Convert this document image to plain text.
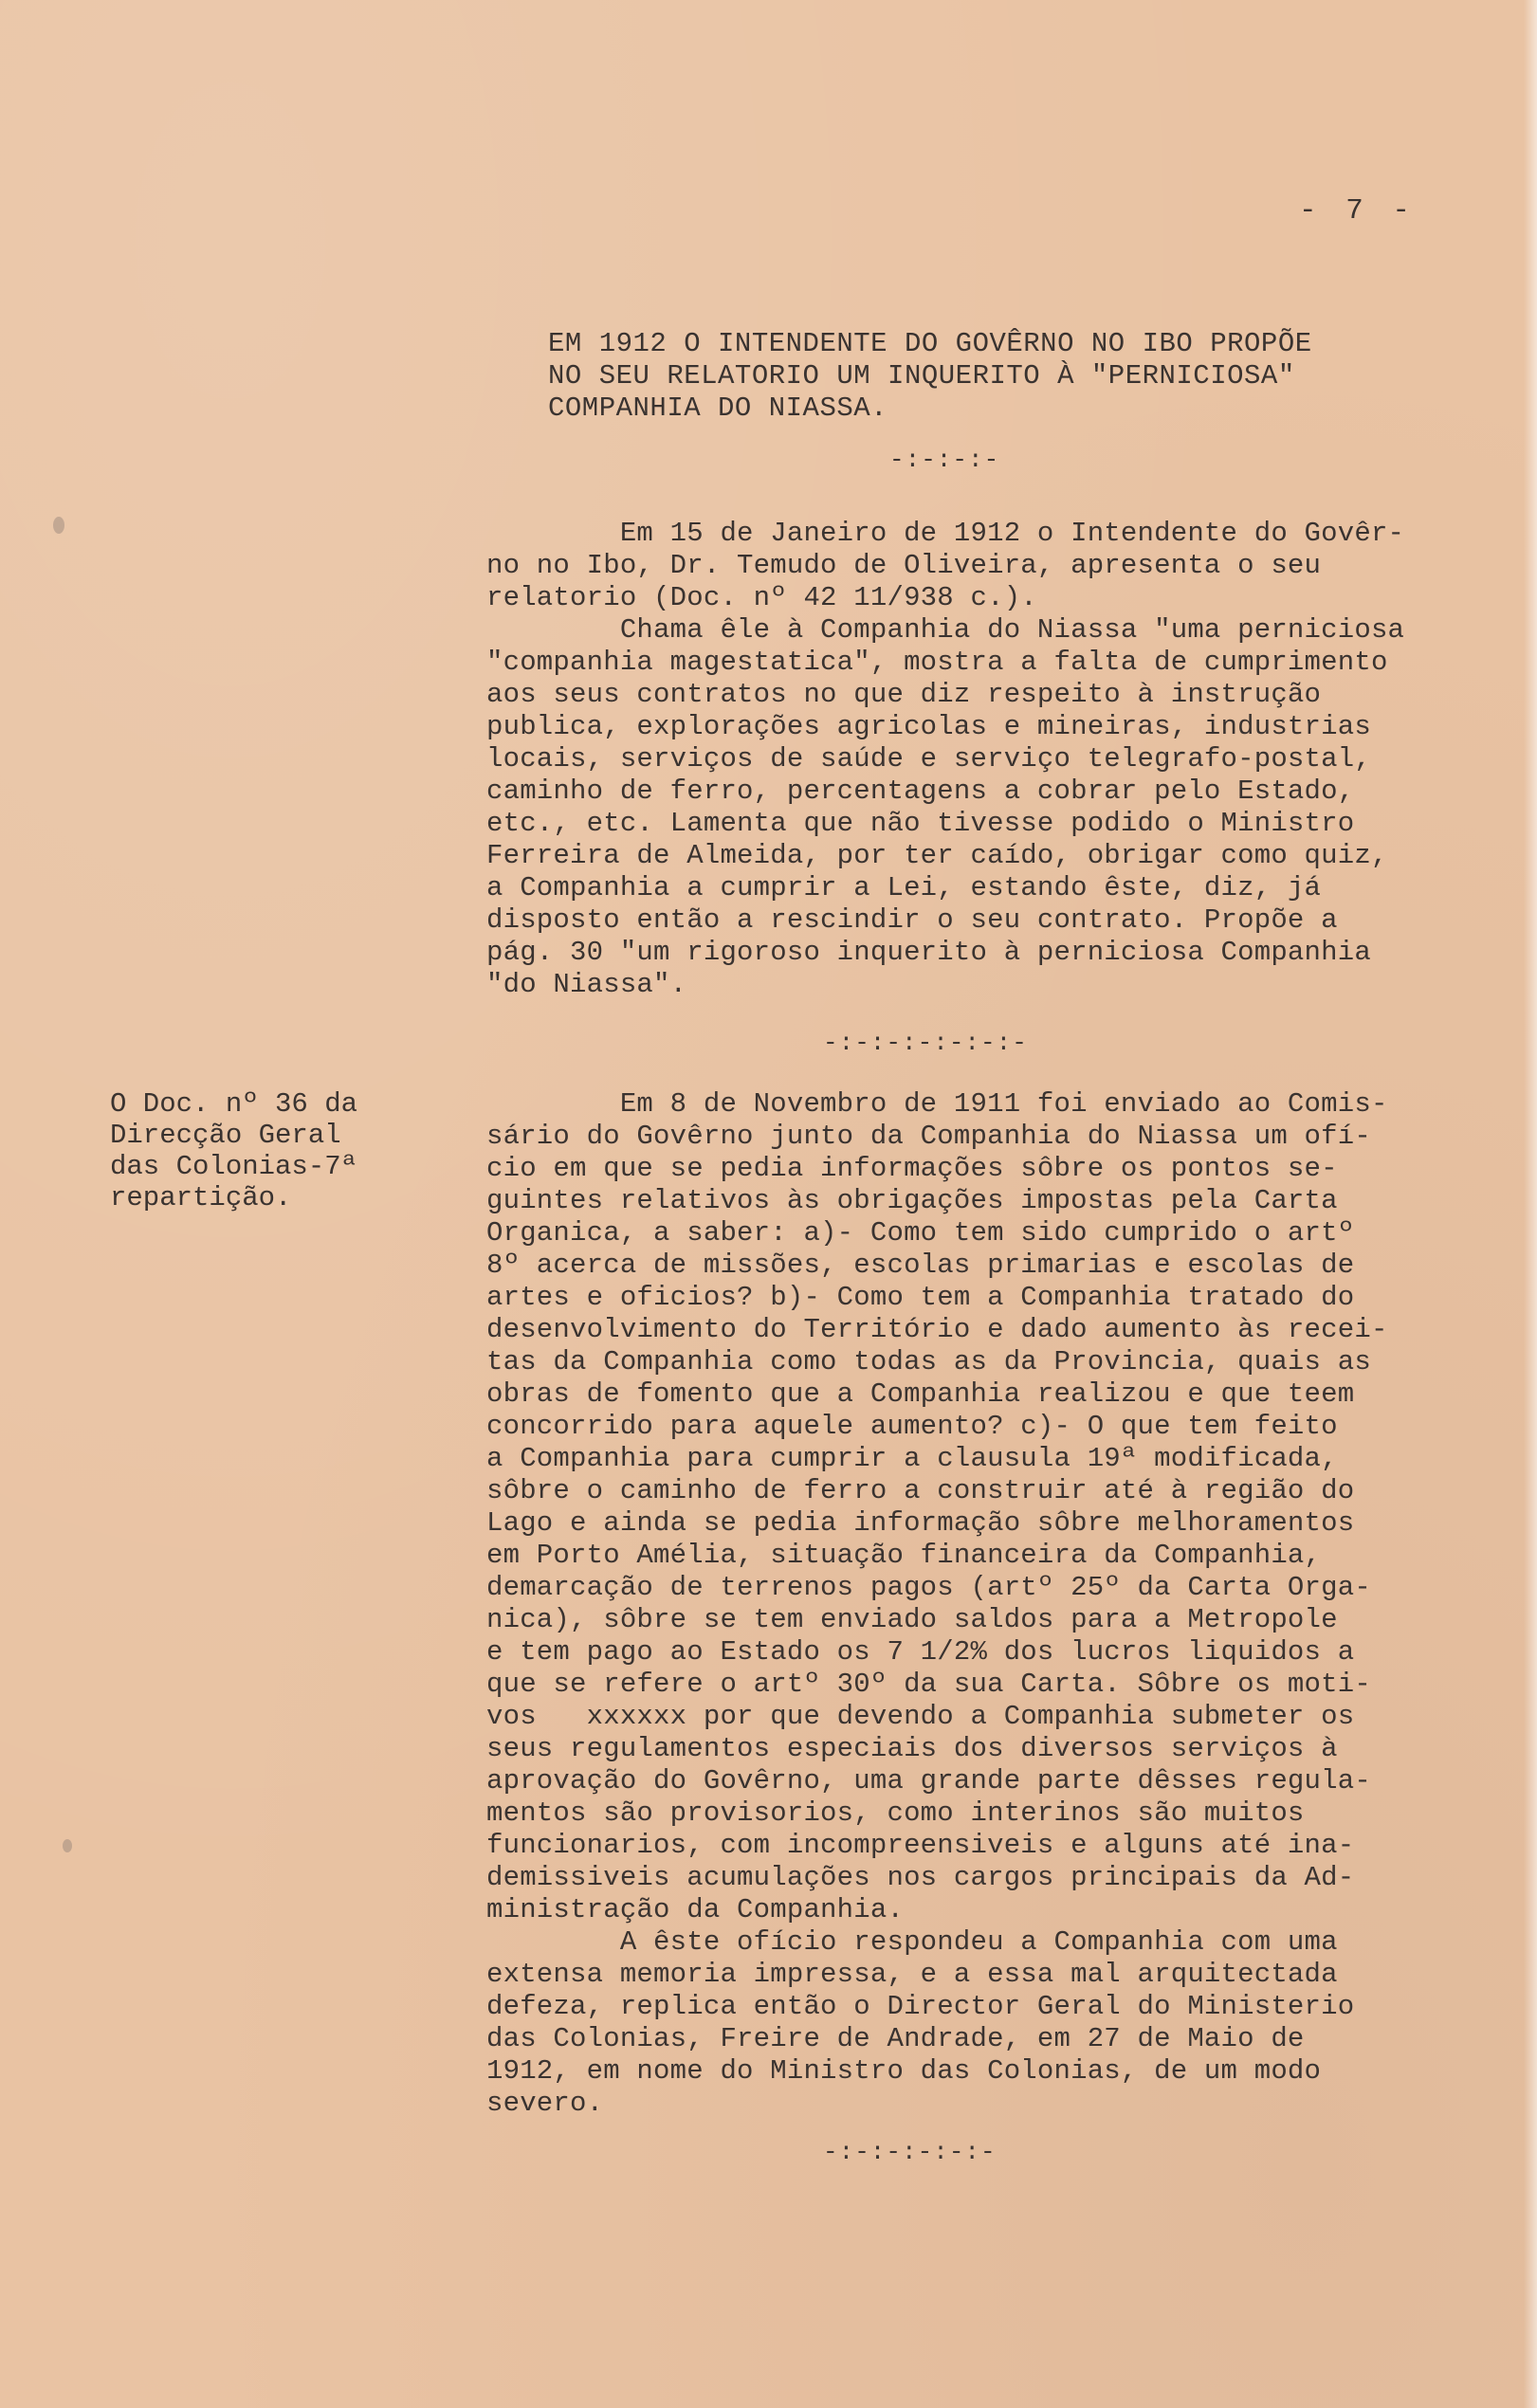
- 7 -
EM 1912 O INTENDENTE DO GOVÊRNO NO IBO PROPÕE
NO SEU RELATORIO UM INQUERITO À "PERNICIOSA"
COMPANHIA DO NIASSA.
-:-:-:-
Em 15 de Janeiro de 1912 o Intendente do Govêr-
no no Ibo, Dr. Temudo de Oliveira, apresenta o seu
relatorio (Doc. nº 42 11/938 c.).
Chama êle à Companhia do Niassa "uma perniciosa
"companhia magestatica", mostra a falta de cumprimento
aos seus contratos no que diz respeito à instrução
publica, explorações agricolas e mineiras, industrias
locais, serviços de saúde e serviço telegrafo-postal,
caminho de ferro, percentagens a cobrar pelo Estado,
etc., etc. Lamenta que não tivesse podido o Ministro
Ferreira de Almeida, por ter caído, obrigar como quiz,
a Companhia a cumprir a Lei, estando êste, diz, já
disposto então a rescindir o seu contrato. Propõe a
pág. 30 "um rigoroso inquerito à perniciosa Companhia
"do Niassa".
-:-:-:-:-:-:-
O Doc. nº 36 da
Direcção Geral
das Colonias-7ª
repartição.
Em 8 de Novembro de 1911 foi enviado ao Comis-
sário do Govêrno junto da Companhia do Niassa um ofí-
cio em que se pedia informações sôbre os pontos se-
guintes relativos às obrigações impostas pela Carta
Organica, a saber: a)- Como tem sido cumprido o artº
8º acerca de missões, escolas primarias e escolas de
artes e oficios? b)- Como tem a Companhia tratado do
desenvolvimento do Território e dado aumento às recei-
tas da Companhia como todas as da Provincia, quais as
obras de fomento que a Companhia realizou e que teem
concorrido para aquele aumento? c)- O que tem feito
a Companhia para cumprir a clausula 19ª modificada,
sôbre o caminho de ferro a construir até à região do
Lago e ainda se pedia informação sôbre melhoramentos
em Porto Amélia, situação financeira da Companhia,
demarcação de terrenos pagos (artº 25º da Carta Orga-
nica), sôbre se tem enviado saldos para a Metropole
e tem pago ao Estado os 7 1/2% dos lucros liquidos a
que se refere o artº 30º da sua Carta. Sôbre os moti-
vos   xxxxxx por que devendo a Companhia submeter os
seus regulamentos especiais dos diversos serviços à
aprovação do Govêrno, uma grande parte dêsses regula-
mentos são provisorios, como interinos são muitos
funcionarios, com incompreensiveis e alguns até ina-
demissiveis acumulações nos cargos principais da Ad-
ministração da Companhia.
A êste ofício respondeu a Companhia com uma
extensa memoria impressa, e a essa mal arquitectada
defeza, replica então o Director Geral do Ministerio
das Colonias, Freire de Andrade, em 27 de Maio de
1912, em nome do Ministro das Colonias, de um modo
severo.
-:-:-:-:-:-
